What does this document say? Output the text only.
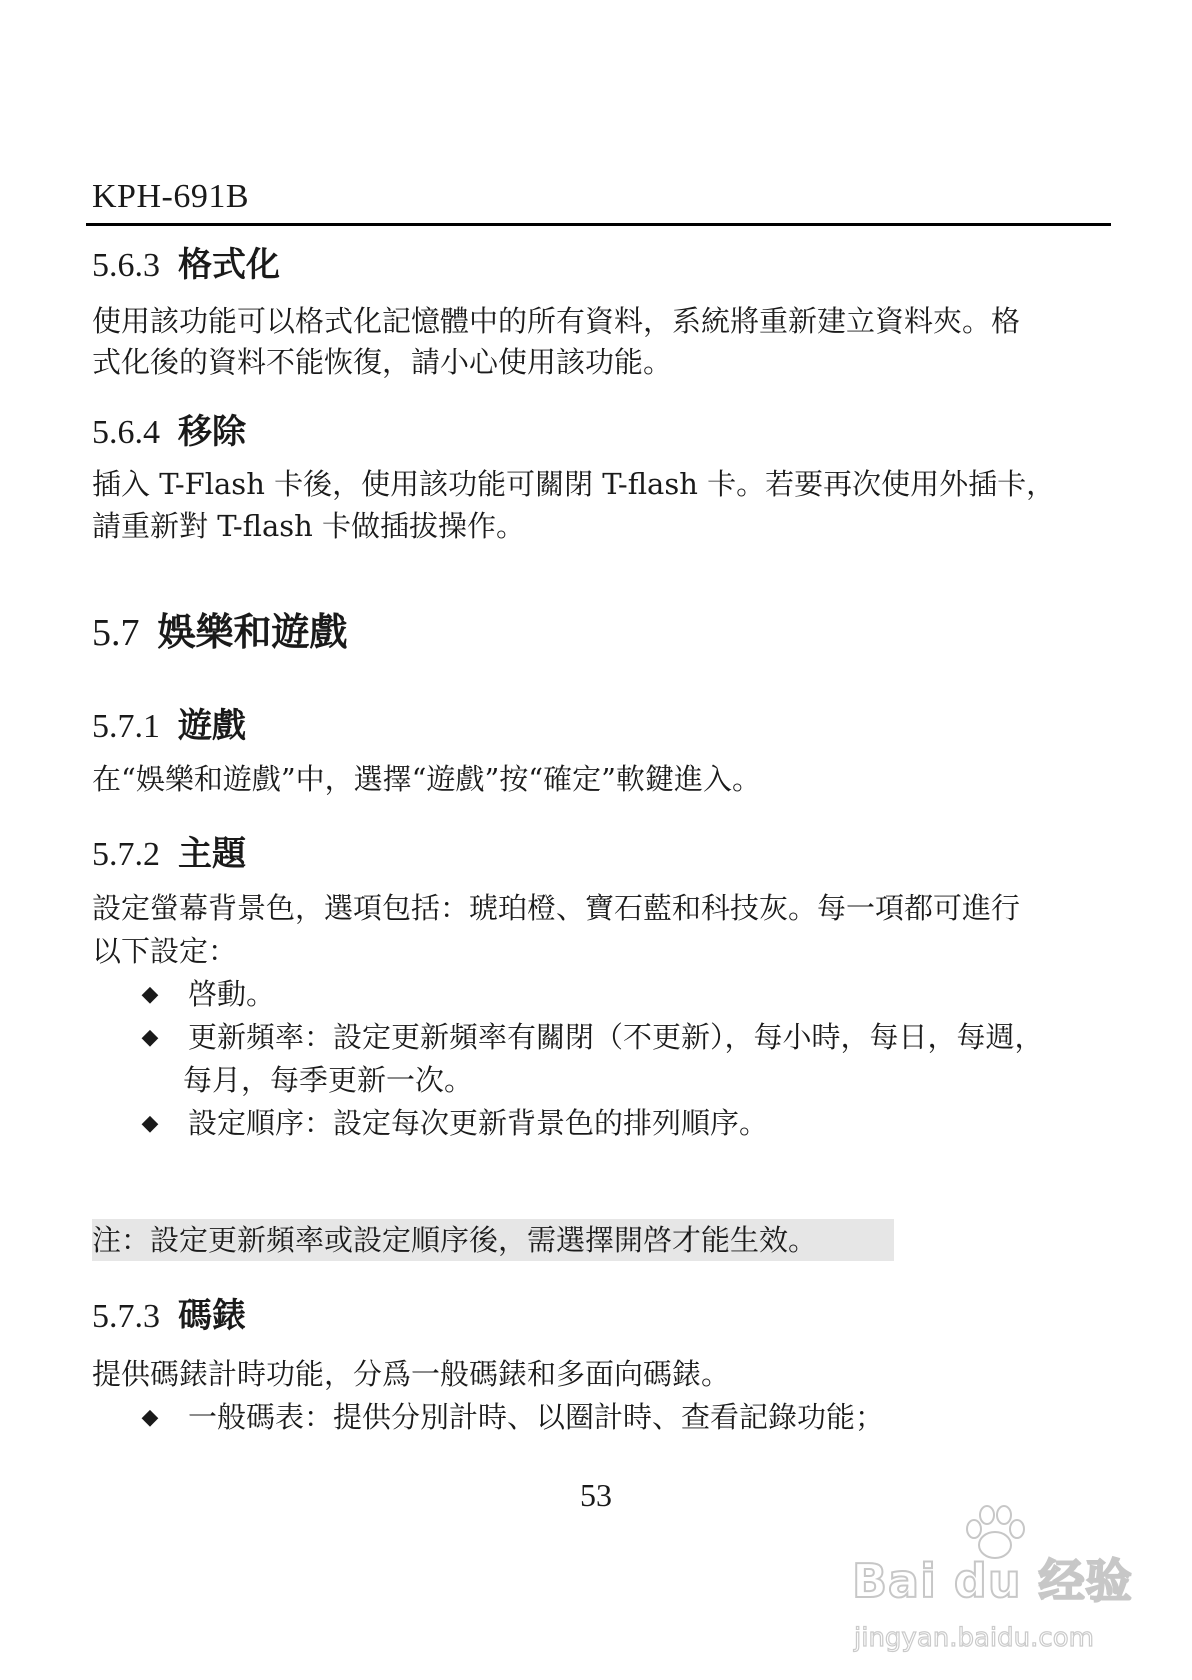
KPH-691B
5.6.3 格式化
使用該功能可以格式化記憶體中的所有資料，系統將重新建立資料夾。格
式化後的資料不能恢復，請小心使用該功能。
5.6.4 移除
插入 T-Flash 卡後，使用該功能可關閉 T-flash 卡。若要再次使用外插卡，
請重新對 T-flash 卡做插拔操作。
5.7 娛樂和遊戲
5.7.1 遊戲
在“娛樂和遊戲”中，選擇“遊戲”按“確定”軟鍵進入。
5.7.2 主題
設定螢幕背景色，選項包括：琥珀橙、寶石藍和科技灰。每一項都可進行
以下設定：
◆ 啓動。
◆ 更新頻率：設定更新頻率有關閉（不更新），每小時，每日，每週，
每月，每季更新一次。
◆ 設定順序：設定每次更新背景色的排列順序。
注：設定更新頻率或設定順序後，需選擇開啓才能生效。
5.7.3 碼錶
提供碼錶計時功能，分爲一般碼錶和多面向碼錶。
◆ 一般碼表：提供分別計時、以圈計時、查看記錄功能；
53
Bai du 经验
jingyan.baidu.com
